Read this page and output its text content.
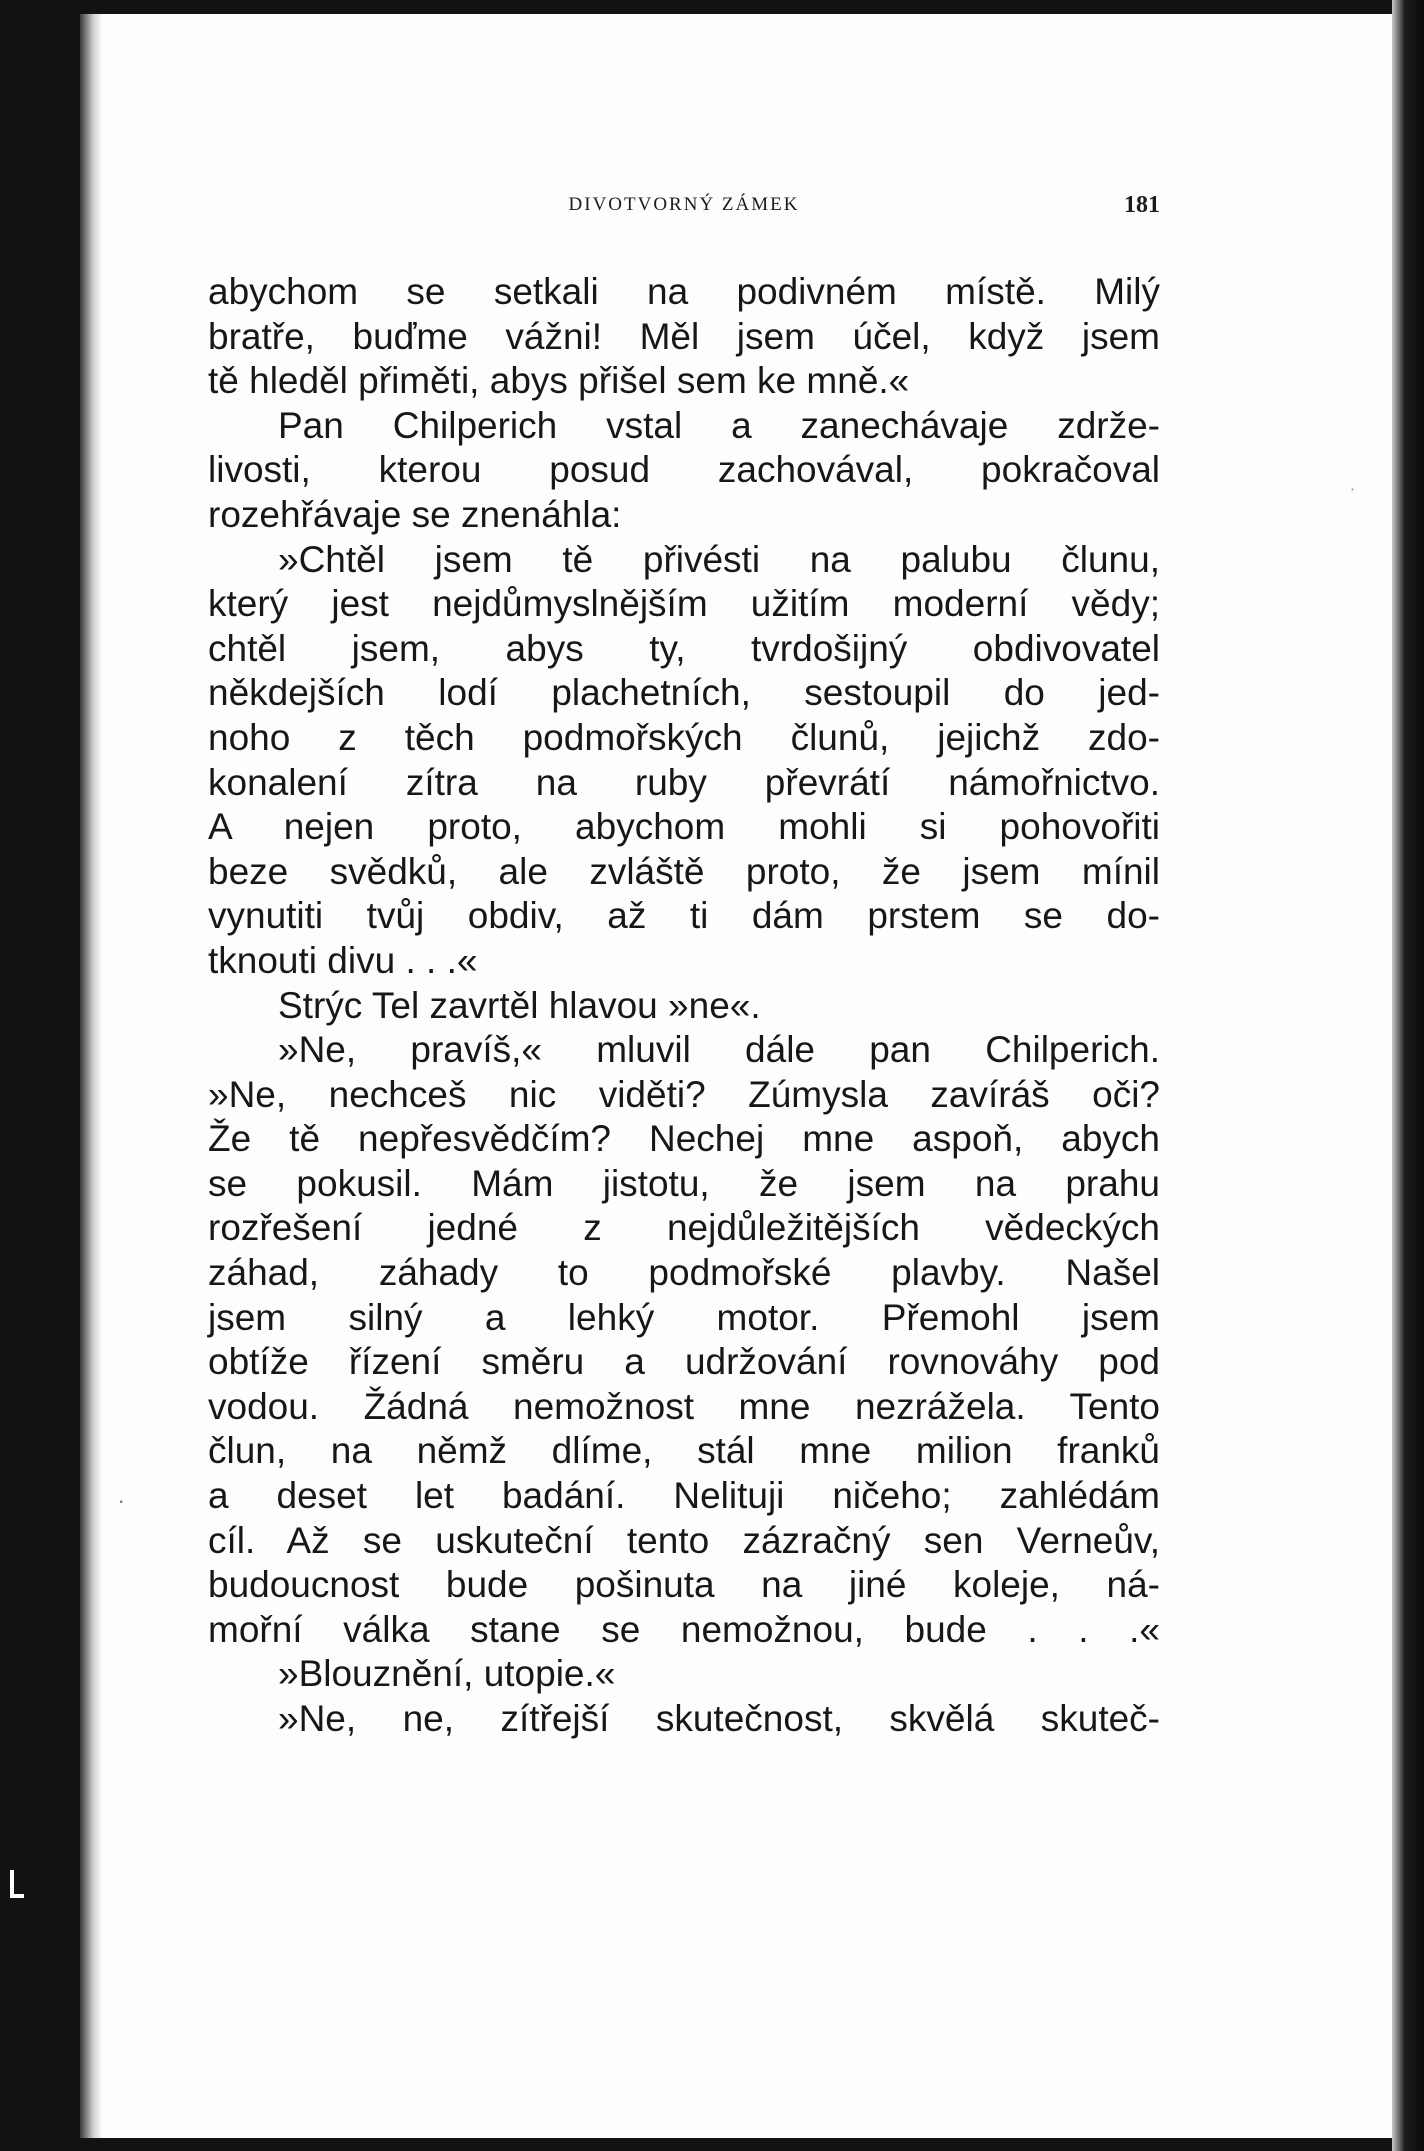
DIVOTVORNÝ ZÁMEK	181
abychom se setkali na podivném místě. Milý
bratře, buďme vážni! Měl jsem účel, když jsem
tě hleděl přiměti, abys přišel sem ke mně.«
Pan Chilperich vstal a zanechávaje zdrže-
livosti, kterou posud zachovával, pokračoval
rozehřávaje se znenáhla:
»Chtěl jsem tě přivésti na palubu člunu,
který jest nejdůmyslnějším užitím moderní vědy;
chtěl jsem, abys ty, tvrdošijný obdivovatel
někdejších lodí plachetních, sestoupil do jed-
noho z těch podmořských člunů, jejichž zdo-
konalení zítra na ruby převrátí námořnictvo.
A nejen proto, abychom mohli si pohovořiti
beze svědků, ale zvláště proto, že jsem mínil
vynutiti tvůj obdiv, až ti dám prstem se do-
tknouti divu . . .«
Strýc Tel zavrtěl hlavou »ne«.
»Ne, pravíš,« mluvil dále pan Chilperich.
»Ne, nechceš nic viděti? Zúmysla zavíráš oči?
Že tě nepřesvědčím? Nechej mne aspoň, abych
se pokusil. Mám jistotu, že jsem na prahu
rozřešení jedné z nejdůležitějších vědeckých
záhad, záhady to podmořské plavby. Našel
jsem silný a lehký motor. Přemohl jsem
obtíže řízení směru a udržování rovnováhy pod
vodou. Žádná nemožnost mne nezrážela. Tento
člun, na němž dlíme, stál mne milion franků
a deset let badání. Nelituji ničeho; zahlédám
cíl. Až se uskuteční tento zázračný sen Verneův,
budoucnost bude pošinuta na jiné koleje, ná-
mořní válka stane se nemožnou, bude . . .«
»Blouznění, utopie.«
»Ne, ne, zítřejší skutečnost, skvělá skuteč-
·
·
